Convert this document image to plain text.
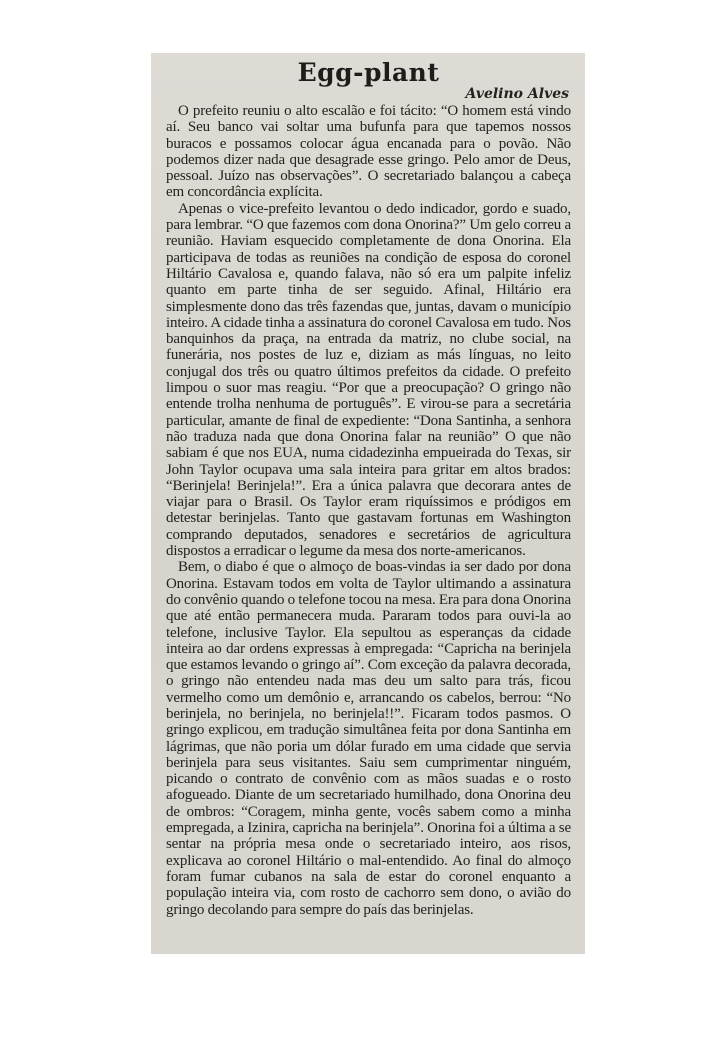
Egg-plant
Avelino Alves

O prefeito reuniu o alto escalão e foi tácito: “O homem está vindo aí. Seu banco vai soltar uma bufunfa para que tapemos nossos buracos e possamos colocar água encanada para o povão. Não podemos dizer nada que desagrade esse gringo. Pelo amor de Deus, pessoal. Juízo nas observações”. O secretariado balançou a cabeça em concordância explícita.

Apenas o vice-prefeito levantou o dedo indicador, gordo e suado, para lembrar. “O que fazemos com dona Onorina?” Um gelo correu a reunião. Haviam esquecido completamente de dona Onorina. Ela participava de todas as reuniões na condição de esposa do coronel Hiltário Cavalosa e, quando falava, não só era um palpite infeliz quanto em parte tinha de ser seguido. Afinal, Hiltário era simplesmente dono das três fazendas que, juntas, davam o município inteiro. A cidade tinha a assinatura do coronel Cavalosa em tudo. Nos banquinhos da praça, na entrada da matriz, no clube social, na funerária, nos postes de luz e, diziam as más línguas, no leito conjugal dos três ou quatro últimos prefeitos da cidade. O prefeito limpou o suor mas reagiu. “Por que a preocupação? O gringo não entende trolha nenhuma de português”. E virou-se para a secretária particular, amante de final de expediente: “Dona Santinha, a senhora não traduza nada que dona Onorina falar na reunião” O que não sabiam é que nos EUA, numa cidadezinha empueirada do Texas, sir John Taylor ocupava uma sala inteira para gritar em altos brados: “Berinjela! Berinjela!”. Era a única palavra que decorara antes de viajar para o Brasil. Os Taylor eram riquíssimos e pródigos em detestar berinjelas. Tanto que gastavam fortunas em Washington comprando deputados, senadores e secretários de agricultura dispostos a erradicar o legume da mesa dos norte-americanos.

Bem, o diabo é que o almoço de boas-vindas ia ser dado por dona Onorina. Estavam todos em volta de Taylor ultimando a assinatura do convênio quando o telefone tocou na mesa. Era para dona Onorina que até então permanecera muda. Pararam todos para ouvi-la ao telefone, inclusive Taylor. Ela sepultou as esperanças da cidade inteira ao dar ordens expressas à empregada: “Capricha na berinjela que estamos levando o gringo aí”. Com exceção da palavra decorada, o gringo não entendeu nada mas deu um salto para trás, ficou vermelho como um demônio e, arrancando os cabelos, berrou: “No berinjela, no berinjela, no berinjela!!”. Ficaram todos pasmos. O gringo explicou, em tradução simultânea feita por dona Santinha em lágrimas, que não poria um dólar furado em uma cidade que servia berinjela para seus visitantes. Saiu sem cumprimentar ninguém, picando o contrato de convênio com as mãos suadas e o rosto afogueado. Diante de um secretariado humilhado, dona Onorina deu de ombros: “Coragem, minha gente, vocês sabem como a minha empregada, a Izinira, capricha na berinjela”. Onorina foi a última a se sentar na própria mesa onde o secretariado inteiro, aos risos, explicava ao coronel Hiltário o mal-entendido. Ao final do almoço foram fumar cubanos na sala de estar do coronel enquanto a população inteira via, com rosto de cachorro sem dono, o avião do gringo decolando para sempre do país das berinjelas.
